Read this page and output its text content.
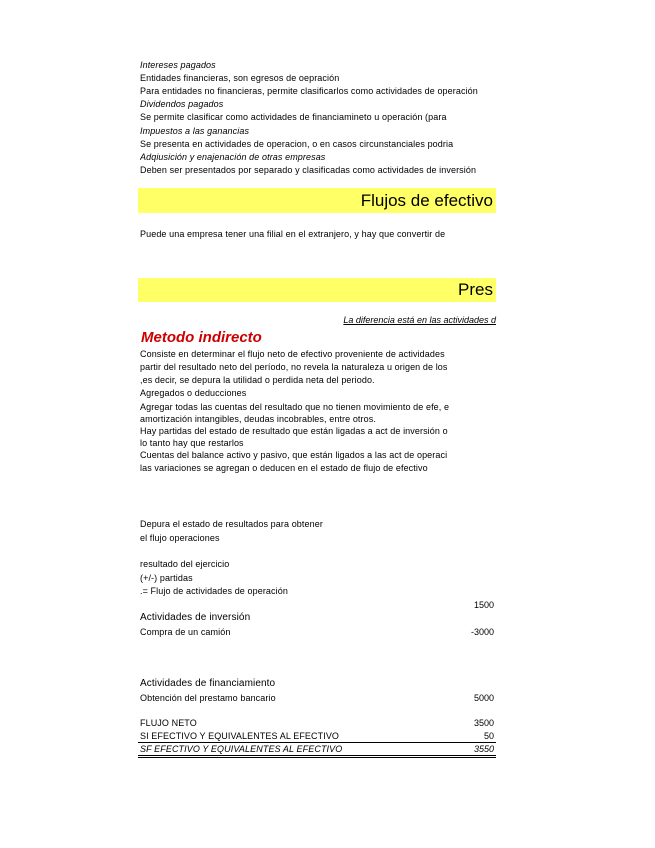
Intereses pagados
Entidades financieras, son egresos de oepración
Para entidades no financieras, permite clasificarlos como actividades de operación
Dividendos pagados
Se permite clasificar como actividades de financiamineto u operación (para
Impuestos a las ganancias
Se presenta en actividades de operacion, o en casos circunstanciales podria
Adqiusición y enajenación de otras empresas
Deben ser presentados por separado y clasificadas como actividades de inversión
Flujos de efectivo
Puede una empresa tener una filial en el extranjero, y hay que convertir de
Pres
La diferencia está en las actividades d
Metodo indirecto
Consiste en determinar el flujo neto de efectivo proveniente de actividades
partir del resultado neto del período, no revela la naturaleza u origen de los
,es decir, se depura la utilidad o perdida neta del periodo.
Agregados o deducciones
Agregar todas las cuentas del resultado que no tienen movimiento de efe, e
amortización intangibles, deudas incobrables, entre otros.
Hay partidas del estado de resultado que están ligadas a act de inversión o
lo tanto hay que restarlos
Cuentas del balance activo y pasivo, que están ligados a las act de operaci
las variaciones se agregan o deducen en el estado de flujo de efectivo
Depura el estado de resultados para obtener
el flujo operaciones
resultado del ejercicio
(+/-) partidas
.= Flujo de actividades de operación
1500
Actividades de inversión
Compra de un camión	-3000
Actividades de financiamiento
Obtención del prestamo bancario	5000
FLUJO NETO	3500
SI EFECTIVO Y EQUIVALENTES AL EFECTIVO	50
SF EFECTIVO Y EQUIVALENTES AL EFECTIVO	3550
